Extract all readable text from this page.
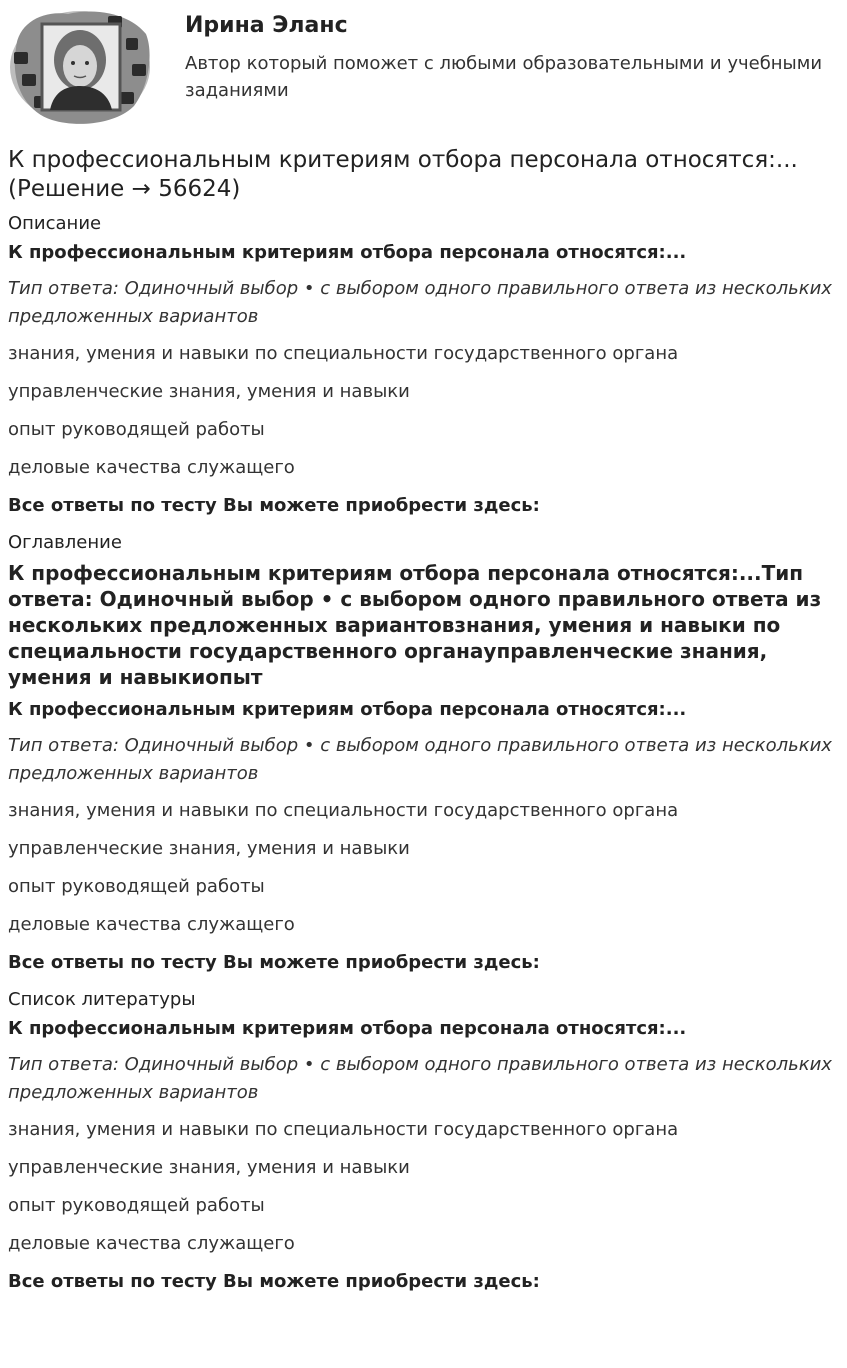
Ирина Эланс
Автор который поможет с любыми образовательными и учебными заданиями
К профессиональным критериям отбора персонала относятся:... (Решение → 56624)
Описание
К профессиональным критериям отбора персонала относятся:...
Тип ответа: Одиночный выбор • с выбором одного правильного ответа из нескольких предложенных вариантов
знания, умения и навыки по специальности государственного органа
управленческие знания, умения и навыки
опыт руководящей работы
деловые качества служащего
Все ответы по тесту Вы можете приобрести здесь:
Оглавление
К профессиональным критериям отбора персонала относятся:...Тип ответа: Одиночный выбор • с выбором одного правильного ответа из нескольких предложенных вариантовзнания, умения и навыки по специальности государственного органауправленческие знания, умения и навыкиопыт
К профессиональным критериям отбора персонала относятся:...
Тип ответа: Одиночный выбор • с выбором одного правильного ответа из нескольких предложенных вариантов
знания, умения и навыки по специальности государственного органа
управленческие знания, умения и навыки
опыт руководящей работы
деловые качества служащего
Все ответы по тесту Вы можете приобрести здесь:
Список литературы
К профессиональным критериям отбора персонала относятся:...
Тип ответа: Одиночный выбор • с выбором одного правильного ответа из нескольких предложенных вариантов
знания, умения и навыки по специальности государственного органа
управленческие знания, умения и навыки
опыт руководящей работы
деловые качества служащего
Все ответы по тесту Вы можете приобрести здесь:
